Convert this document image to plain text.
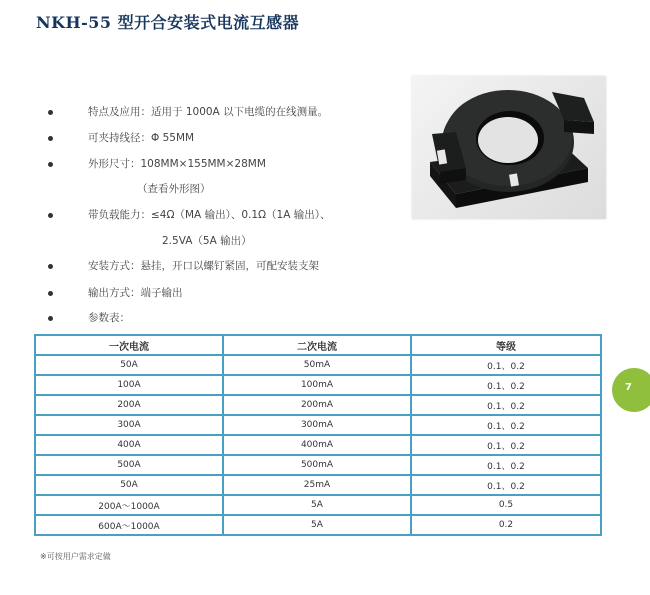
NKH-55 型开合安装式电流互感器
特点及应用：适用于 1000A 以下电缆的在线测量。
可夹持线径：Φ 55MM
外形尺寸：108MM×155MM×28MM
（查看外形图）
带负载能力：≤4Ω（MA 输出）、0.1Ω（1A 输出）、
2.5VA（5A 输出）
安装方式：悬挂，开口以螺钉紧固，可配安装支架
输出方式：端子输出
参数表：
一次电流	二次电流	等级
50A	50mA	0.1、0.2
100A	100mA	0.1、0.2
200A	200mA	0.1、0.2
300A	300mA	0.1、0.2
400A	400mA	0.1、0.2
500A	500mA	0.1、0.2
50A	25mA	0.1、0.2
200A～1000A	5A	0.5
600A～1000A	5A	0.2
※可按用户需求定做
7
